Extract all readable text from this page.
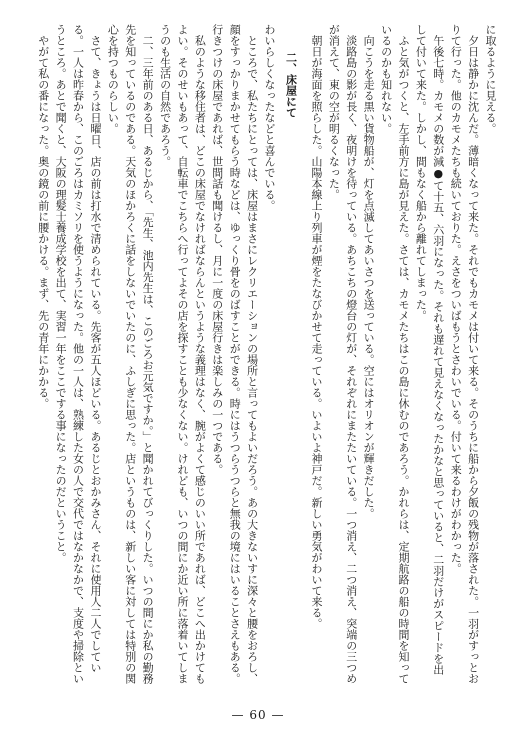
に取るように見える。

夕日は静かに沈んだ。薄暗くなって来た。それでもカモメは付いて来る。そのうちに船から夕飯の残物が落された。一羽がすっとおりて行った。他のカモメたちも続いておりた。えさをついばもうとさわいでいる。付いて来るわけがわかった。

午後七時。カモメの数が減●て十五、六羽になった。それも遅れて見えなくなったかなと思っていると、二羽だけがスピードを出して付いて来た。しかし、間もなく船から離れてしまった。

ふと気がつくと、左手前方に島が見えた。さては、カモメたちはこの島に休むのであろう。かれらは、定期航路の船の時間を知っているのかも知れない。

向こうを走る黒い貨物船が、灯を点滅してあいさつを送っている。空にはオリオンが輝きだした。

淡路島の影が長く、夜明けを待っている。あちこちの燈台の灯が、それぞれにまたたいている。一つ消え、二つ消え、突端の三つめが消えて、東の空が明るくなった。

朝日が海面を照らした。山陽本線上り列車が煙をたなびかせて走っている。いよいよ神戸だ。新しい勇気がわいて来る。

二、床屋にて

わいらしくなったなどと喜んでいる。

ところで、私たちにとっては、床屋はまさにレクリエーションの場所と言ってもよいだろう。あの大きないすに深々と腰をおろし、顔をすっかりまかせてもらう時などは、ゆっくり骨をのばすことができる。時にはうつらうつらと無我の境にはいることさえもある。行きつけの床屋であれば、世間話も聞けるし、月に一度の床屋行きは楽しみの一つである。

私のような移住者は、どこの床屋でなければならんというような義理はなく、腕がよくて感じのいい所であれば、どこへ出かけてもよい。そのせいもあって、自転車でこちらへ行ってよその店を探すことも少なくない。けれども、いつの間にか近い所に落着いてしまうのも生活の自然であろう。

二、三年前のある日、あるじから、「先生、池内先生は、このごろお元気ですか。」と聞かれてびっくりした。いつの間にか私の勤務先を知っているのである。天気のほかろくに話をしないでいたのに、ふしぎに思った。店というものは、新しい客に対しては特別の関心を持つものらしい。

さて、きょうは日曜日、店の前は打水で清められている。先客が五人ほどいる。あるじとおかみさん、それに使用人二人でしている。一人は昨春から、このごろはカミソリを使うようになった。他の一人は、熟練した女の人で交代ではなかなかで、支度や掃除というところ。あとで聞くと、大阪の理髪士養成学校を出て、実習一年をここでする事になったのだということ。

やがて私の番になった。奥の鏡の前に腰かける。まず、先の青年にかかる。

— 60 —
